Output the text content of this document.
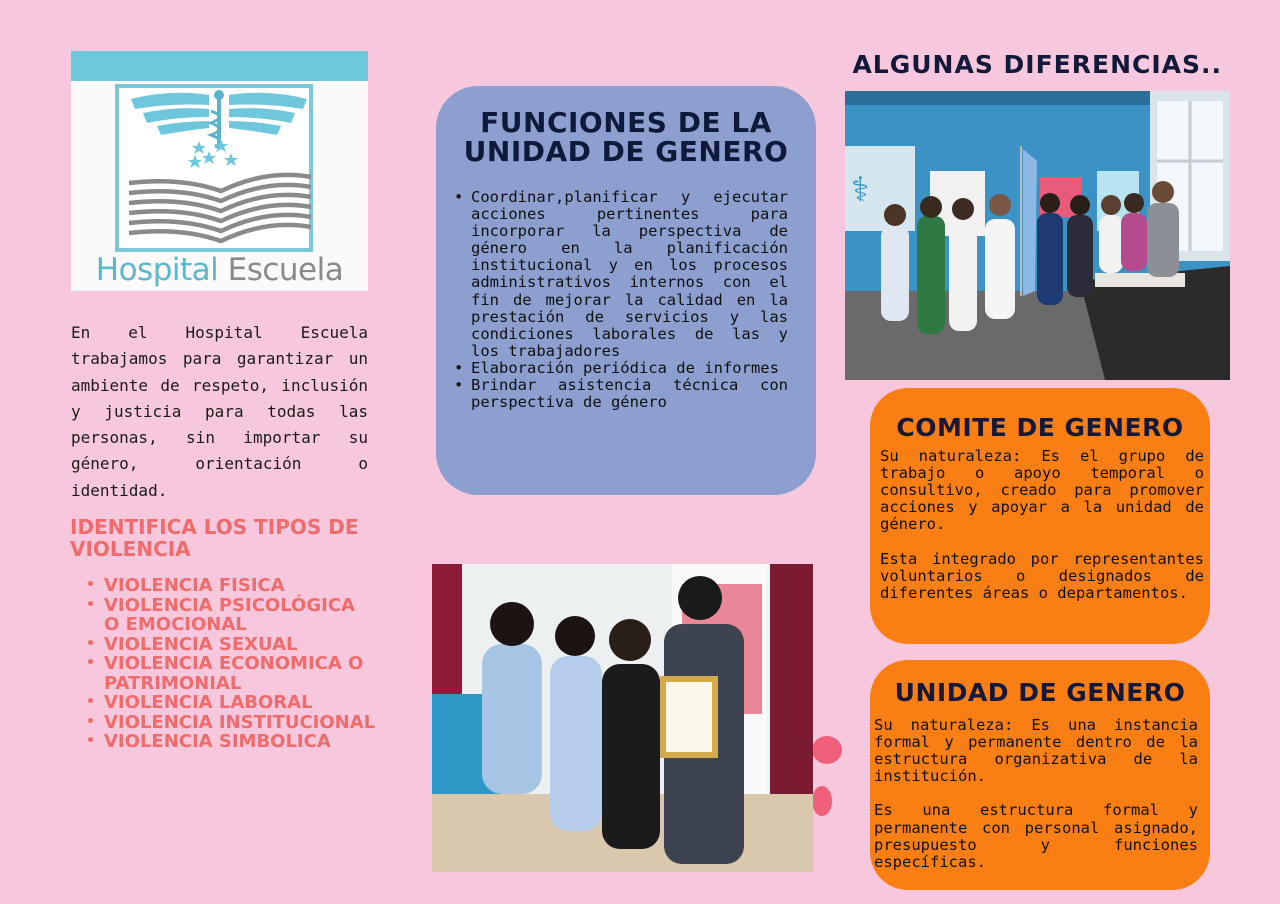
Hospital Escuela

En el Hospital Escuela trabajamos para garantizar un ambiente de respeto, inclusión y justicia para todas las personas, sin importar su género, orientación o identidad.

IDENTIFICA LOS TIPOS DE VIOLENCIA
• VIOLENCIA FISICA
• VIOLENCIA PSICOLÓGICA O EMOCIONAL
• VIOLENCIA SEXUAL
• VIOLENCIA ECONOMICA O PATRIMONIAL
• VIOLENCIA LABORAL
• VIOLENCIA INSTITUCIONAL
• VIOLENCIA SIMBOLICA
FUNCIONES DE LA
UNIDAD DE GENERO
• Coordinar,planificar y ejecutar acciones pertinentes para incorporar la perspectiva de género en la planificación institucional y en los procesos administrativos internos con el fin de mejorar la calidad en la prestación de servicios y las condiciones laborales de las y los trabajadores
• Elaboración periódica de informes
• Brindar asistencia técnica con perspectiva de género
⚕
ALGUNAS DIFERENCIAS..
COMITE DE GENERO

Su naturaleza: Es el grupo de trabajo o apoyo temporal o consultivo, creado para promover acciones y apoyar a la unidad de género.

Esta integrado por representantes voluntarios o designados de diferentes áreas o departamentos.

UNIDAD DE GENERO

Su naturaleza: Es una instancia formal y permanente dentro de la estructura organizativa de la institución.

Es una estructura formal y permanente con personal asignado, presupuesto y funciones específicas.
